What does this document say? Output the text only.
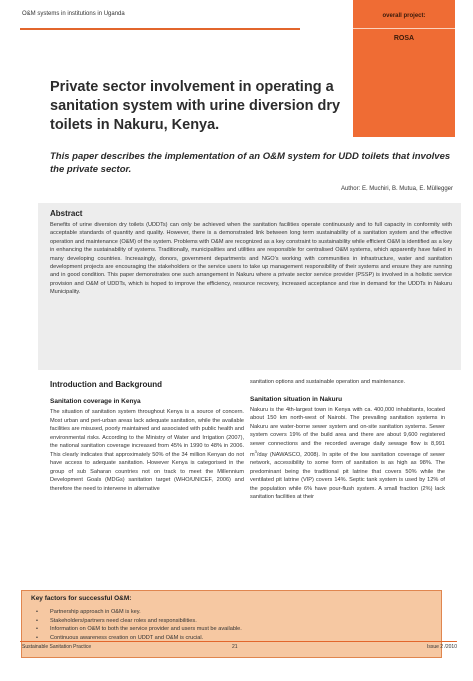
O&M systems in institutions in Uganda	overall project:
ROSA
Private sector involvement in operating a sanitation system with urine diversion dry toilets in Nakuru, Kenya.
This paper describes the implementation of an O&M system for UDD toilets that involves the private sector.
Author: E. Muchiri, B. Mutua, E. Müllegger
Abstract
Benefits of urine diversion dry toilets (UDDTs) can only be achieved when the sanitation facilities operate continuously and to full capacity in conformity with acceptable standards of quantity and quality. However, there is a demonstrated link between long term sustainability of a sanitation system and the effective operation and maintenance (O&M) of the system. Problems with O&M are recognized as a key constraint to sustainability while efficient O&M is identified as a key in enhancing the sustainability of systems. Traditionally, municipalities and utilities are responsible for centralised O&M systems, which apparently have failed in many developing countries. Increasingly, donors, government departments and NGO’s working with communities in infrastructure, water and sanitation development projects are encouraging the stakeholders or the service users to take up management responsibility of their systems and ensure they are running and in good condition. This paper demonstrates one such arrangement in Nakuru where a private sector service provider (PSSP) is involved in a holistic service provision and O&M of UDDTs, which is hoped to improve the efficiency, resource recovery, increased acceptance and rise in demand for the UDDTs in Nakuru Municipality.

Introduction and Background

Sanitation coverage in Kenya

The situation of sanitation system throughout Kenya is a source of concern. Most urban and peri-urban areas lack adequate sanitation, while the available facilities are misused, poorly maintained and associated with public health and environmental risks. According to the Ministry of Water and Irrigation (2007), the national sanitation coverage increased from 45% in 1990 to 48% in 2006. This clearly indicates that approximately 50% of the 34 million Kenyan do not have access to adequate sanitation. However Kenya is categorised in the group of sub Saharan countries not on track to meet the Millennium Development Goals (MDGs) sanitation target (WHO/UNICEF, 2006) and therefore the need to intervene in alternative

sanitation options and sustainable operation and maintenance.

Sanitation situation in Nakuru

Nakuru is the 4th-largest town in Kenya with ca. 400,000 inhabitants, located about 150 km north-west of Nairobi. The prevailing sanitation systems in Nakuru are water-borne sewer system and on-site sanitation systems. Sewer system covers 19% of the build area and there are about 9,600 registered sewer connections and the recorded average daily sewage flow is 8,991 $m^3$/day (NAWASCO, 2008). In spite of the low sanitation coverage of sewer network, accessibility to some form of sanitation is as high as 98%. The predominant being the traditional pit latrine that covers 50% while the ventilated pit latrine (VIP) covers 14%. Septic tank system is used by 12% of the population while 6% have pour-flush system. A small fraction (2%) lack sanitation facilities at their

Key factors for successful O&M:
• Partnership approach in O&M is key.
• Stakeholders/partners need clear roles and responsibilities.
• Information on O&M to both the service provider and users must be available.
• Continuous awareness creation on UDDT and O&M is crucial.
Sustainable Sanitation Practice	21	Issue 2 /2010
